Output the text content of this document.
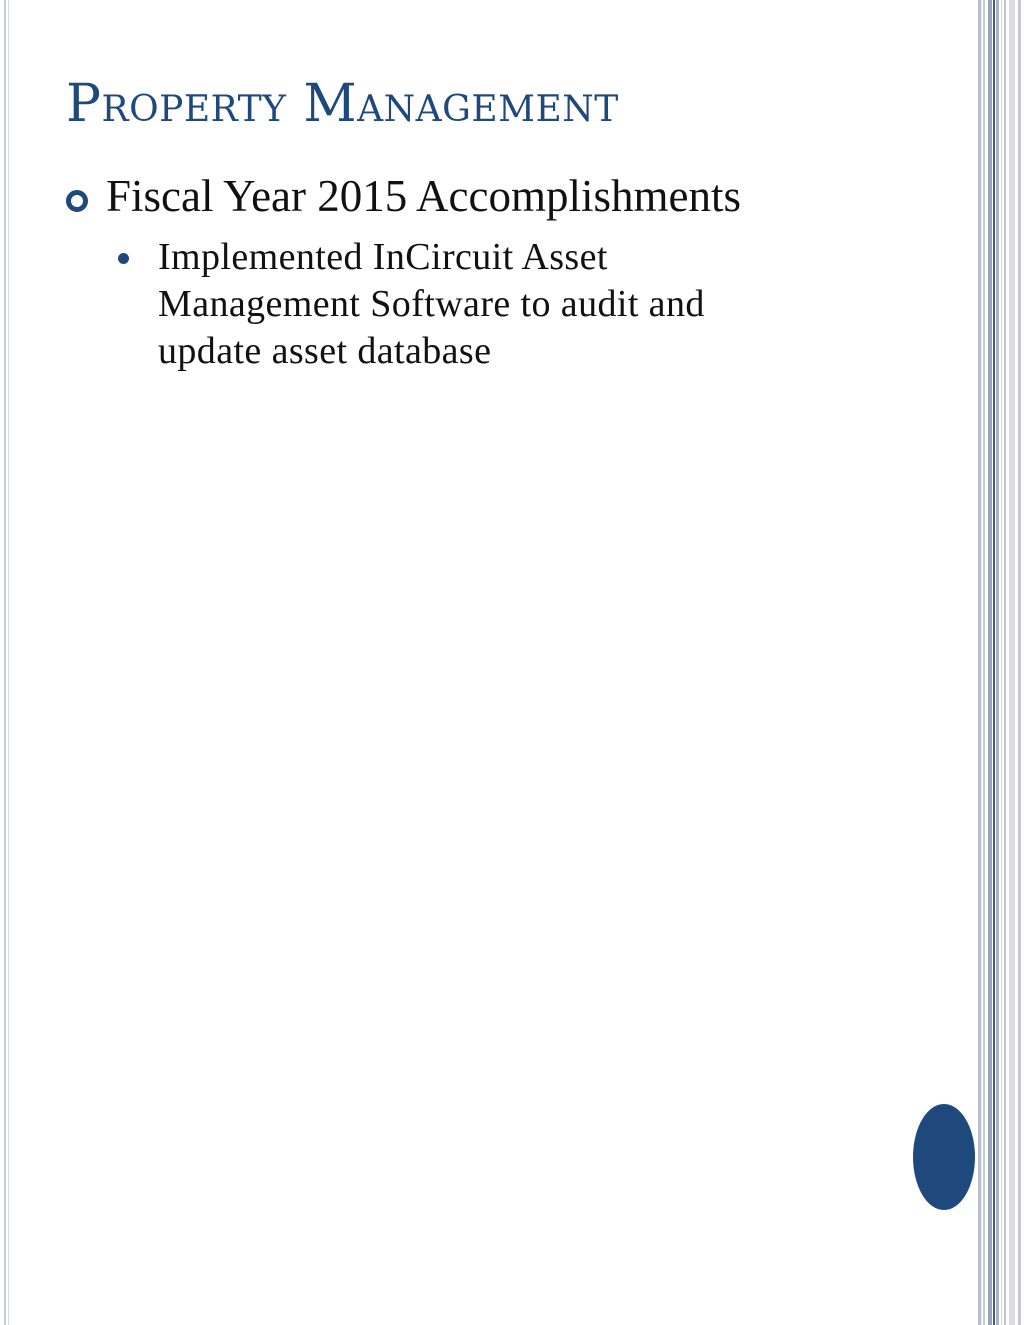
Property Management
Fiscal Year 2015 Accomplishments
Implemented InCircuit Asset Management Software to audit and update asset database
